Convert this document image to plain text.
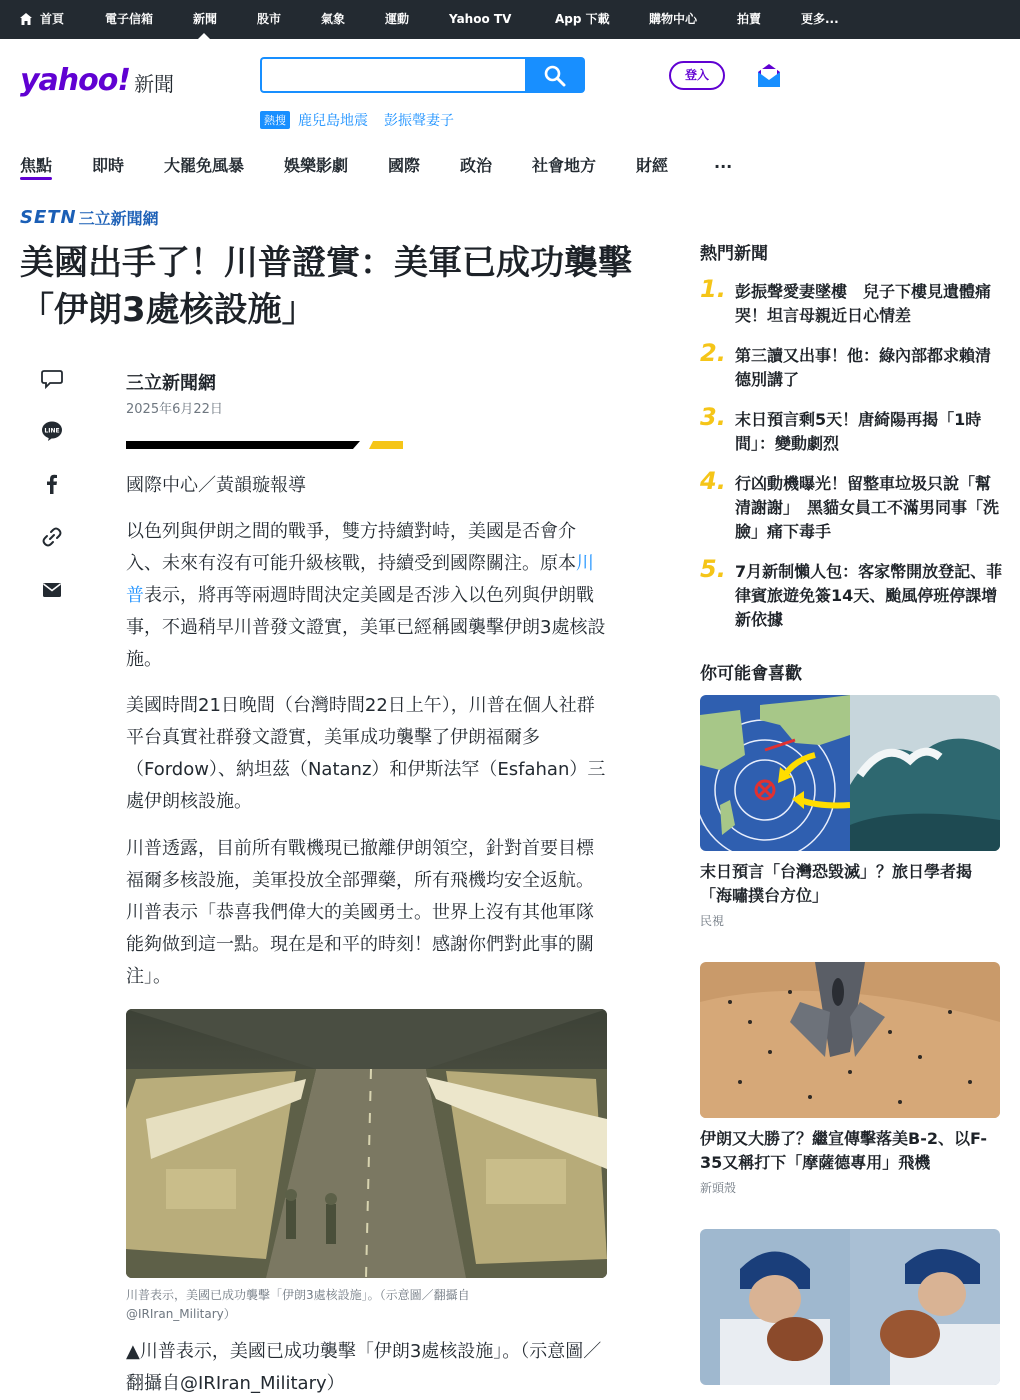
首頁	電子信箱	新聞	股市	氣象	運動	Yahoo TV	App 下載	購物中心	拍賣	更多...
yahoo! 新聞	登入
熱搜 鹿兒島地震 彭振聲妻子
焦點 即時 大罷免風暴 娛樂影劇 國際 政治 社會地方 財經	...
SETN 三立新聞網
美國出手了！川普證實：美軍已成功襲擊「伊朗3處核設施」
LINE
三立新聞網
2025年6月22日

國際中心／黃韻璇報導

以色列與伊朗之間的戰爭，雙方持續對峙，美國是否會介入、未來有沒有可能升級核戰，持續受到國際關注。原本川普表示，將再等兩週時間決定美國是否涉入以色列與伊朗戰事，不過稍早川普發文證實，美軍已經稱國襲擊伊朗3處核設施。

美國時間21日晚間（台灣時間22日上午），川普在個人社群平台真實社群發文證實，美軍成功襲擊了伊朗福爾多（Fordow）、納坦茲（Natanz）和伊斯法罕（Esfahan）三處伊朗核設施。

川普透露，目前所有戰機現已撤離伊朗領空，針對首要目標福爾多核設施，美軍投放全部彈藥，所有飛機均安全返航。川普表示「恭喜我們偉大的美國勇士。世界上沒有其他軍隊能夠做到這一點。現在是和平的時刻！感謝你們對此事的關注」。

川普表示，美國已成功襲擊「伊朗3處核設施」。（示意圖／翻攝自@IRIran_Military）

▲川普表示，美國已成功襲擊「伊朗3處核設施」。（示意圖／翻攝自@IRIran_Military）

熱門新聞
1. 彭振聲愛妻墜樓　兒子下樓見遺體痛哭！坦言母親近日心情差
2. 第三讀又出事！他：綠內部都求賴清德別講了
3. 末日預言剩5天！唐綺陽再揭「1時間」：變動劇烈
4. 行凶動機曝光！留整車垃圾只說「幫清謝謝」　黑貓女員工不滿男同事「洗臉」痛下毒手
5. 7月新制懶人包：客家幣開放登記、菲律賓旅遊免簽14天、颱風停班停課增新依據
你可能會喜歡
末日預言「台灣恐毀滅」？旅日學者揭「海嘯撲台方位」
民視
伊朗又大勝了？繼宣傳擊落美B-2、以F-35又稱打下「摩薩德專用」飛機
新頭殼
